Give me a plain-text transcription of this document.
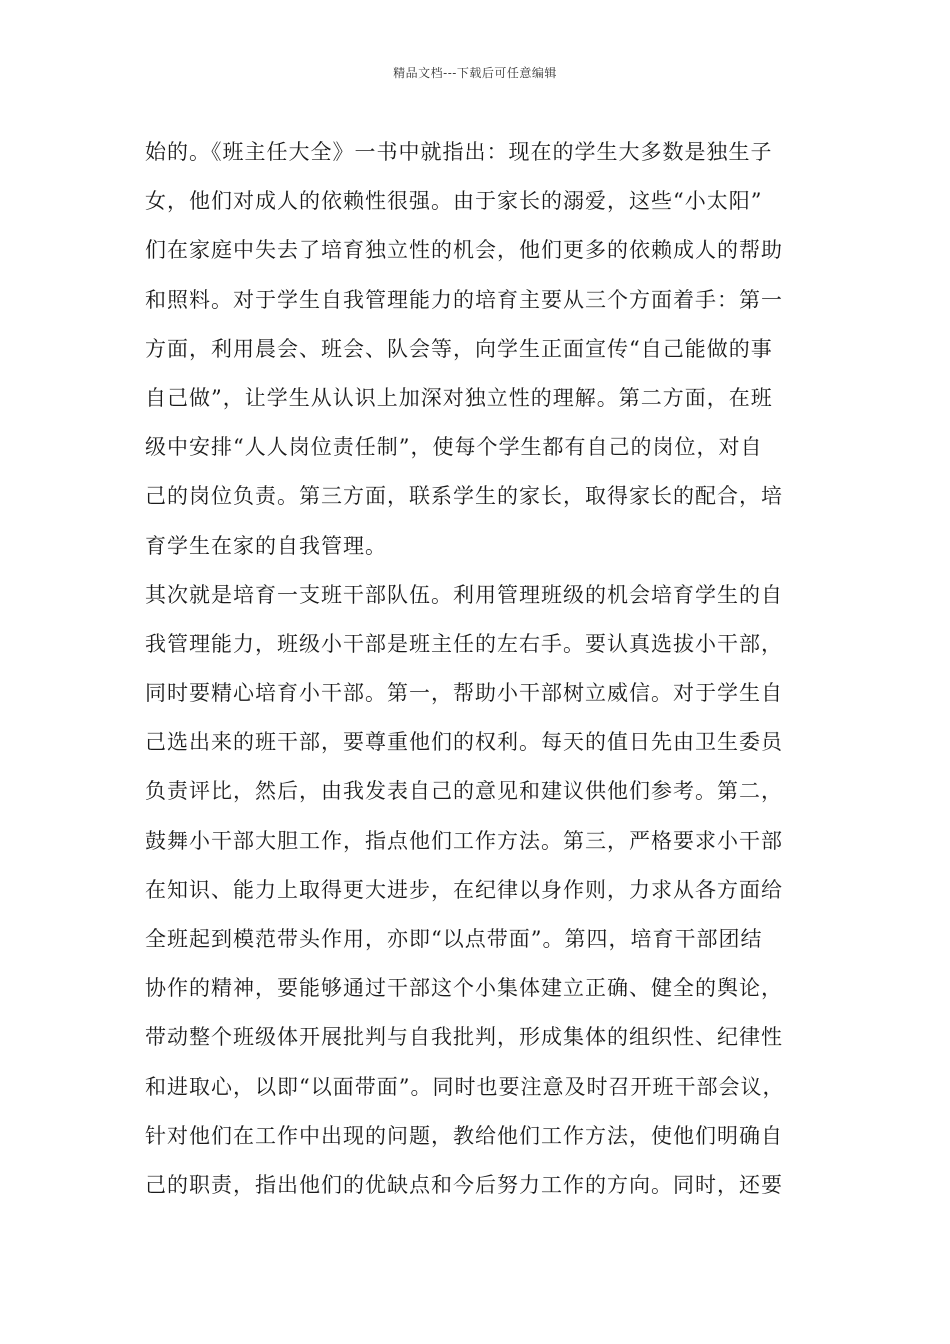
精品文档---下载后可任意编辑
始的。《班主任大全》一书中就指出：现在的学生大多数是独生子
女，他们对成人的依赖性很强。由于家长的溺爱，这些“小太阳”
们在家庭中失去了培育独立性的机会，他们更多的依赖成人的帮助
和照料。对于学生自我管理能力的培育主要从三个方面着手：第一
方面，利用晨会、班会、队会等，向学生正面宣传“自己能做的事
自己做”，让学生从认识上加深对独立性的理解。第二方面，在班
级中安排“人人岗位责任制”，使每个学生都有自己的岗位，对自
己的岗位负责。第三方面，联系学生的家长，取得家长的配合，培
育学生在家的自我管理。
其次就是培育一支班干部队伍。利用管理班级的机会培育学生的自
我管理能力，班级小干部是班主任的左右手。要认真选拔小干部，
同时要精心培育小干部。第一，帮助小干部树立威信。对于学生自
己选出来的班干部，要尊重他们的权利。每天的值日先由卫生委员
负责评比，然后，由我发表自己的意见和建议供他们参考。第二，
鼓舞小干部大胆工作，指点他们工作方法。第三，严格要求小干部
在知识、能力上取得更大进步，在纪律以身作则，力求从各方面给
全班起到模范带头作用，亦即“以点带面”。第四，培育干部团结
协作的精神，要能够通过干部这个小集体建立正确、健全的舆论，
带动整个班级体开展批判与自我批判，形成集体的组织性、纪律性
和进取心，以即“以面带面”。同时也要注意及时召开班干部会议，
针对他们在工作中出现的问题，教给他们工作方法，使他们明确自
己的职责，指出他们的优缺点和今后努力工作的方向。同时，还要
